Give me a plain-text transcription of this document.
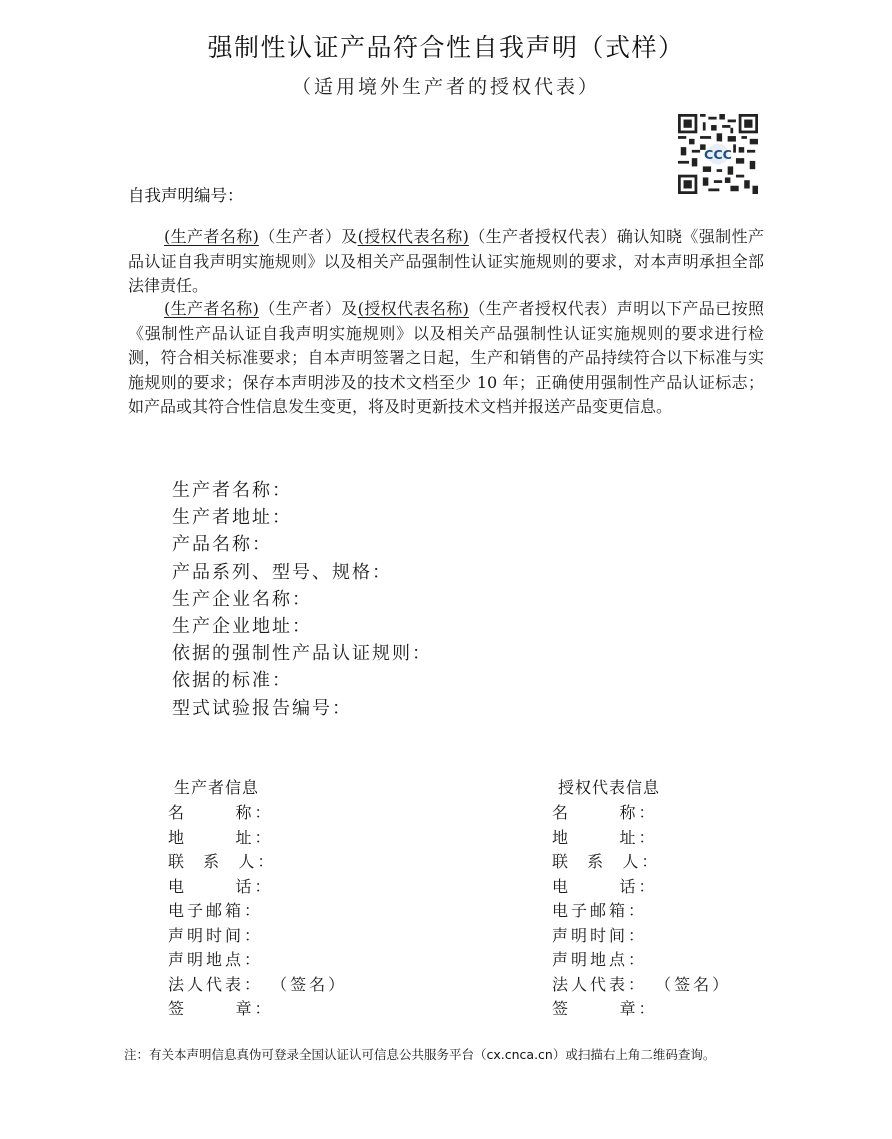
强制性认证产品符合性自我声明（式样）
（适用境外生产者的授权代表）
CCC
自我声明编号：
(生产者名称)（生产者）及(授权代表名称)（生产者授权代表）确认知晓《强制性产品认证自我声明实施规则》以及相关产品强制性认证实施规则的要求，对本声明承担全部法律责任。
(生产者名称)（生产者）及(授权代表名称)（生产者授权代表）声明以下产品已按照《强制性产品认证自我声明实施规则》以及相关产品强制性认证实施规则的要求进行检测，符合相关标准要求；自本声明签署之日起，生产和销售的产品持续符合以下标准与实施规则的要求；保存本声明涉及的技术文档至少 10 年；正确使用强制性产品认证标志；如产品或其符合性信息发生变更，将及时更新技术文档并报送产品变更信息。
生产者名称：
生产者地址：
产品名称：
产品系列、型号、规格：
生产企业名称：
生产企业地址：
依据的强制性产品认证规则：
依据的标准：
型式试验报告编号：
生产者信息
名      称：
地      址：
联  系  人：
电      话：
电子邮箱：
声明时间：
声明地点：
法人代表： （签名）
签      章：
授权代表信息
名      称：
地      址：
联  系  人：
电      话：
电子邮箱：
声明时间：
声明地点：
法人代表： （签名）
签      章：
注：有关本声明信息真伪可登录全国认证认可信息公共服务平台（cx.cnca.cn）或扫描右上角二维码查询。
